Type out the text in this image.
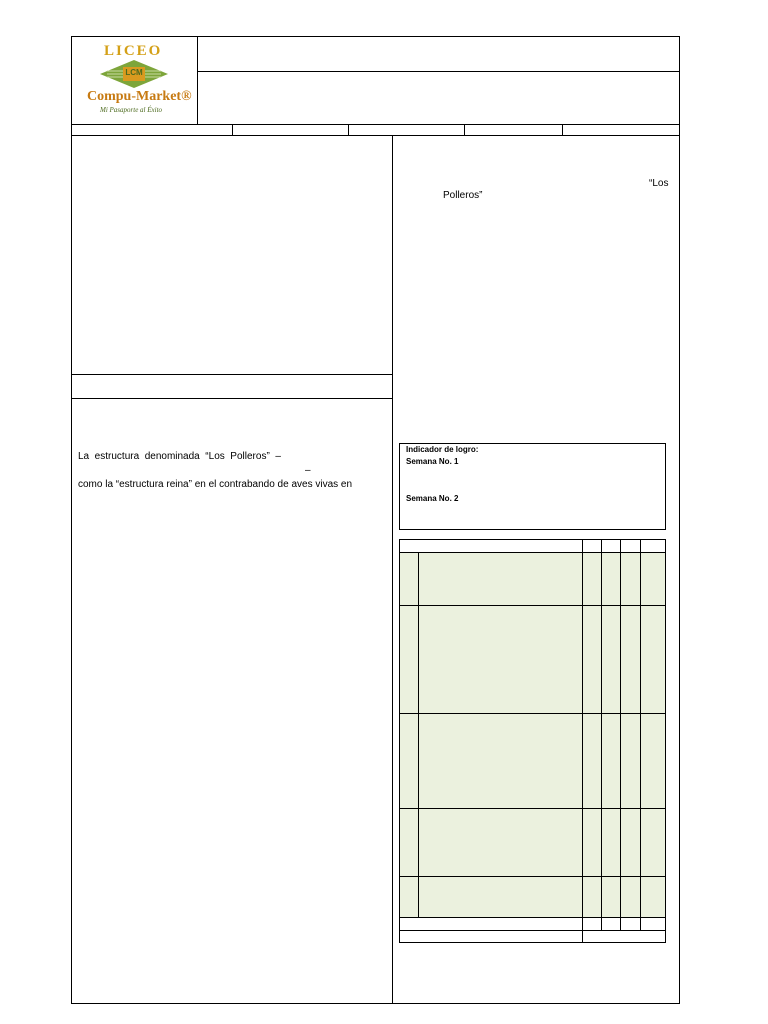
LICEO
LCM
Compu-Market®
Mi Pasaporte al Éxito
La  estructura  denominada  “Los  Polleros”  –
–
como la “estructura reina” en el contrabando de aves vivas en
“Los
Polleros”
Indicador de logro:
Semana No. 1
Semana No. 2
